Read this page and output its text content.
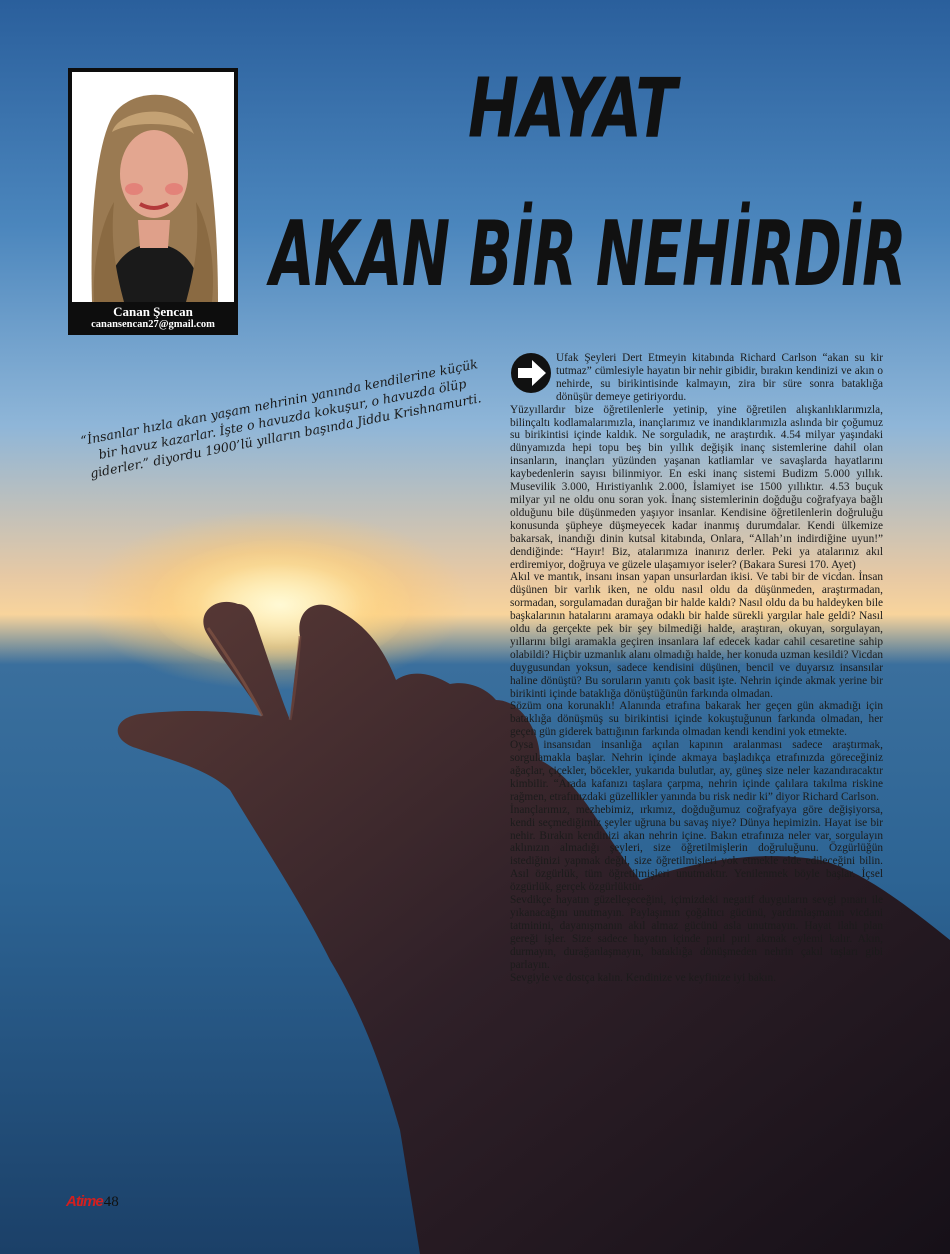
Canan Şencan
canansencan27@gmail.com
HAYAT
AKAN BİR NEHİRDİR
“İnsanlar hızla akan yaşam nehrinin yanında kendilerine küçük bir havuz kazarlar. İşte o havuzda kokuşur, o havuzda ölüp giderler.” diyordu 1900’lü yılların başında Jiddu Krishnamurti.

Ufak Şeyleri Dert Etmeyin kitabında Richard Carlson “akan su kir tutmaz” cümlesiyle hayatın bir nehir gibidir, bırakın kendinizi ve akın o nehirde, su birikintisinde kalmayın, zira bir süre sonra bataklığa dönüşür demeye getiriyordu.

Yüzyıllardır bize öğretilenlerle yetinip, yine öğretilen alışkanlıklarımızla, bilinçaltı kodlamalarımızla, inançlarımız ve inandıklarımızla aslında bir çoğumuz su birikintisi içinde kaldık. Ne sorguladık, ne araştırdık. 4.54 milyar yaşındaki dünyamızda hepi topu beş bin yıllık değişik inanç sistemlerine dahil olan insanların, inançları yüzünden yaşanan katliamlar ve savaşlarda hayatlarını kaybedenlerin sayısı bilinmiyor. En eski inanç sistemi Budizm 5.000 yıllık. Musevilik 3.000, Hıristiyanlık 2.000, İslamiyet ise 1500 yıllıktır. 4.53 buçuk milyar yıl ne oldu onu soran yok. İnanç sistemlerinin doğduğu coğrafyaya bağlı olduğunu bile düşünmeden yaşıyor insanlar. Kendisine öğretilenlerin doğruluğu konusunda şüpheye düşmeyecek kadar inanmış durumdalar. Kendi ülkemize bakarsak, inandığı dinin kutsal kitabında, Onlara, “Allah’ın indirdiğine uyun!” dendiğinde: “Hayır! Biz, atalarımıza inanırız derler. Peki ya atalarınız akıl erdiremiyor, doğruya ve güzele ulaşamıyor iseler? (Bakara Suresi 170. Ayet)

Akıl ve mantık, insanı insan yapan unsurlardan ikisi. Ve tabi bir de vicdan. İnsan düşünen bir varlık iken, ne oldu nasıl oldu da düşünmeden, araştırmadan, sormadan, sorgulamadan durağan bir halde kaldı? Nasıl oldu da bu haldeyken bile başkalarının hatalarını aramaya odaklı bir halde sürekli yargılar hale geldi? Nasıl oldu da gerçekte pek bir şey bilmediği halde, araştıran, okuyan, sorgulayan, yıllarını bilgi aramakla geçiren insanlara laf edecek kadar cahil cesaretine sahip olabildi? Hiçbir uzmanlık alanı olmadığı halde, her konuda uzman kesildi? Vicdan duygusundan yoksun, sadece kendisini düşünen, bencil ve duyarsız insansılar haline dönüştü? Bu soruların yanıtı çok basit işte. Nehrin içinde akmak yerine bir birikinti içinde bataklığa dönüştüğünün farkında olmadan.

Sözüm ona korunaklı! Alanında etrafına bakarak her geçen gün akmadığı için bataklığa dönüşmüş su birikintisi içinde kokuştuğunun farkında olmadan, her geçen gün giderek battığının farkında olmadan kendi kendini yok etmekte.

Oysa insansıdan insanlığa açılan kapının aralanması sadece araştırmak, sorgulamakla başlar. Nehrin içinde akmaya başladıkça etrafınızda göreceğiniz ağaçlar, çiçekler, böcekler, yukarıda bulutlar, ay, güneş size neler kazandıracaktır kimbilir. “Arada kafanızı taşlara çarpma, nehrin içinde çalılara takılma riskine rağmen, etrafınızdaki güzellikler yanında bu risk nedir ki” diyor Richard Carlson.

İnançlarımız, mezhebimiz, ırkımız, doğduğumuz coğrafyaya göre değişiyorsa, kendi seçmediğimiz şeyler uğruna bu savaş niye? Dünya hepimizin. Hayat ise bir nehir. Bırakın kendinizi akan nehrin içine. Bakın etrafınıza neler var, sorgulayın aklınızın almadığı şeyleri, size öğretilmişlerin doğruluğunu. Özgürlüğün istediğinizi yapmak değil, size öğretilmişleri yok etmekle elde edileceğini bilin. Asıl özgürlük, tüm öğretilmişleri unutmaktır. Yenilenmek böyle başlar. İçsel özgürlük, gerçek özgürlüktür.

Sevdikçe hayatın güzelleşeceğini, içimizdeki negatif duyguların sevgi pınarı ile yıkanacağını unutmayın. Paylaşımın çoğaltıcı gücünü, yardımlaşmanın vicdani tatminini, dayanışmanın akıl almaz gücünü asla unutmayın. Hayat ilahi plan gereği işler. Size sadece hayatın içinde pırıl pırıl akmak eylemi kalır. Akın, durmayın, durağanlaşmayın, bataklığa dönüşmeden nehrin çakıl taşları gibi parlayın.

Sevgiyle ve dostça kalın. Kendinize ve keyfinize iyi bakın.

Atime48
